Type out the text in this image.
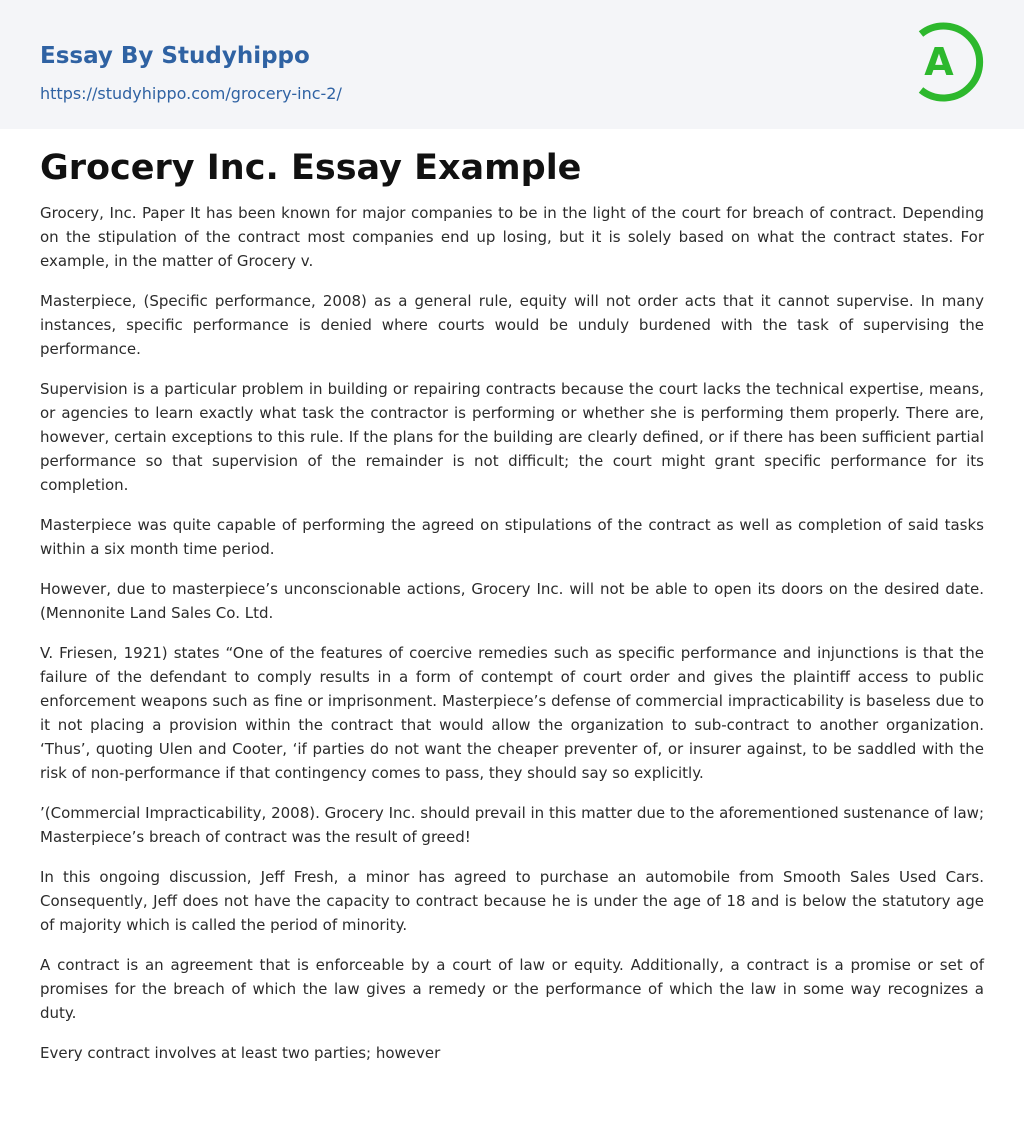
Essay By Studyhippo
https://studyhippo.com/grocery-inc-2/
A
Grocery Inc. Essay Example

Grocery, Inc. Paper It has been known for major companies to be in the light of the court for breach of contract. Depending on the stipulation of the contract most companies end up losing, but it is solely based on what the contract states. For example, in the matter of Grocery v.

Masterpiece, (Specific performance, 2008) as a general rule, equity will not order acts that it cannot supervise. In many instances, specific performance is denied where courts would be unduly burdened with the task of supervising the performance.

Supervision is a particular problem in building or repairing contracts because the court lacks the technical expertise, means, or agencies to learn exactly what task the contractor is performing or whether she is performing them properly. There are, however, certain exceptions to this rule. If the plans for the building are clearly defined, or if there has been sufficient partial performance so that supervision of the remainder is not difficult; the court might grant specific performance for its completion.

Masterpiece was quite capable of performing the agreed on stipulations of the contract as well as completion of said tasks within a six month time period.

However, due to masterpiece’s unconscionable actions, Grocery Inc. will not be able to open its doors on the desired date. (Mennonite Land Sales Co. Ltd.

V. Friesen, 1921) states “One of the features of coercive remedies such as specific performance and injunctions is that the failure of the defendant to comply results in a form of contempt of court order and gives the plaintiff access to public enforcement weapons such as fine or imprisonment. Masterpiece’s defense of commercial impracticability is baseless due to it not placing a provision within the contract that would allow the organization to sub-contract to another organization. ‘Thus’, quoting Ulen and Cooter, ‘if parties do not want the cheaper preventer of, or insurer against, to be saddled with the risk of non-performance if that contingency comes to pass, they should say so explicitly.

’(Commercial Impracticability, 2008). Grocery Inc. should prevail in this matter due to the aforementioned sustenance of law; Masterpiece’s breach of contract was the result of greed!

In this ongoing discussion, Jeff Fresh, a minor has agreed to purchase an automobile from Smooth Sales Used Cars. Consequently, Jeff does not have the capacity to contract because he is under the age of 18 and is below the statutory age of majority which is called the period of minority.

A contract is an agreement that is enforceable by a court of law or equity. Additionally, a contract is a promise or set of promises for the breach of which the law gives a remedy or the performance of which the law in some way recognizes a duty.

Every contract involves at least two parties; however
